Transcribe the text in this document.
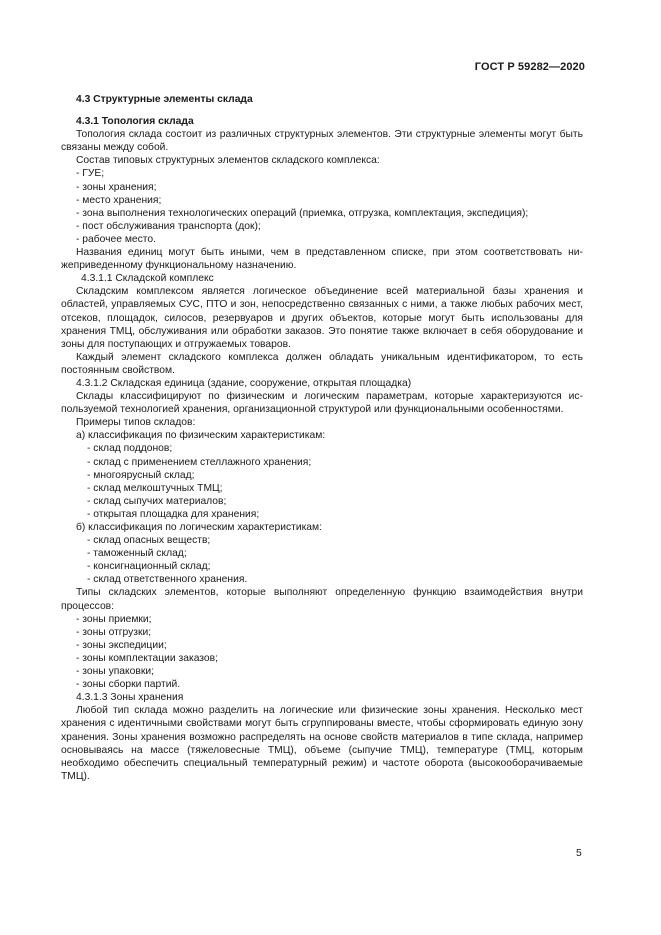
ГОСТ Р 59282—2020

4.3 Структурные элементы склада

4.3.1 Топология склада

Топология склада состоит из различных структурных элементов. Эти структурные элементы могут быть связаны между собой.

Состав типовых структурных элементов складского комплекса:

- ГУЕ;

- зоны хранения;

- место хранения;

- зона выполнения технологических операций (приемка, отгрузка, комплектация, экспедиция);

- пост обслуживания транспорта (док);

- рабочее место.

Названия единиц могут быть иными, чем в представленном списке, при этом соответствовать нижеприведенному функциональному назначению.

4.3.1.1 Складской комплекс

Складским комплексом является логическое объединение всей материальной базы хранения и областей, управляемых СУС, ПТО и зон, непосредственно связанных с ними, а также любых рабочих мест, отсеков, площадок, силосов, резервуаров и других объектов, которые могут быть использованы для хранения ТМЦ, обслуживания или обработки заказов. Это понятие также включает в себя оборудование и зоны для поступающих и отгружаемых товаров.

Каждый элемент складского комплекса должен обладать уникальным идентификатором, то есть постоянным свойством.

4.3.1.2 Складская единица (здание, сооружение, открытая площадка)

Склады классифицируют по физическим и логическим параметрам, которые характеризуются используемой технологией хранения, организационной структурой или функциональными особенностями.

Примеры типов складов:

а) классификация по физическим характеристикам:

- склад поддонов;

- склад с применением стеллажного хранения;

- многоярусный склад;

- склад мелкоштучных ТМЦ;

- склад сыпучих материалов;

- открытая площадка для хранения;

б) классификация по логическим характеристикам:

- склад опасных веществ;

- таможенный склад;

- консигнационный склад;

- склад ответственного хранения.

Типы складских элементов, которые выполняют определенную функцию взаимодействия внутри процессов:

- зоны приемки;

- зоны отгрузки;

- зоны экспедиции;

- зоны комплектации заказов;

- зоны упаковки;

- зоны сборки партий.

4.3.1.3 Зоны хранения

Любой тип склада можно разделить на логические или физические зоны хранения. Несколько мест хранения с идентичными свойствами могут быть сгруппированы вместе, чтобы сформировать единую зону хранения. Зоны хранения возможно распределять на основе свойств материалов в типе склада, например основываясь на массе (тяжеловесные ТМЦ), объеме (сыпучие ТМЦ), температуре (ТМЦ, которым необходимо обеспечить специальный температурный режим) и частоте оборота (высокооборачиваемые ТМЦ).

5
